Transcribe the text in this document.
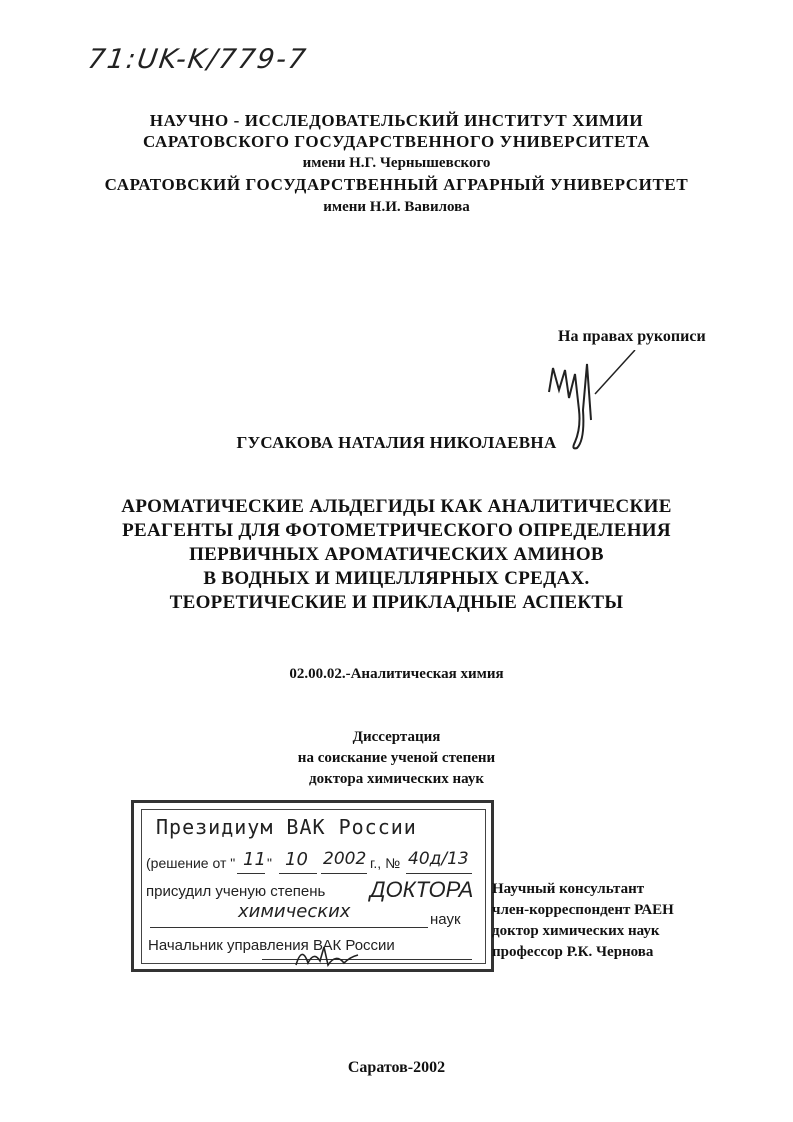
71:UK-K/779-7
НАУЧНО - ИССЛЕДОВАТЕЛЬСКИЙ ИНСТИТУТ ХИМИИ
САРАТОВСКОГО ГОСУДАРСТВЕННОГО УНИВЕРСИТЕТА
имени Н.Г. Чернышевского
САРАТОВСКИЙ ГОСУДАРСТВЕННЫЙ АГРАРНЫЙ УНИВЕРСИТЕТ
имени Н.И. Вавилова
На правах рукописи
ГУСАКОВА НАТАЛИЯ НИКОЛАЕВНА
АРОМАТИЧЕСКИЕ АЛЬДЕГИДЫ КАК АНАЛИТИЧЕСКИЕ
РЕАГЕНТЫ ДЛЯ ФОТОМЕТРИЧЕСКОГО ОПРЕДЕЛЕНИЯ
ПЕРВИЧНЫХ АРОМАТИЧЕСКИХ АМИНОВ
В ВОДНЫХ И МИЦЕЛЛЯРНЫХ СРЕДАХ.
ТЕОРЕТИЧЕСКИЕ И ПРИКЛАДНЫЕ АСПЕКТЫ
02.00.02.-Аналитическая химия
Диссертация
на соискание ученой степени
доктора химических наук
Президиум ВАК России
(решение от " 11 " 10 2002 г., № 40д/13
присудил ученую степень ДОКТОРА
химических	наук
Начальник управления ВАК России
Научный консультант
член-корреспондент РАЕН
доктор химических наук
профессор Р.К. Чернова
Саратов-2002
